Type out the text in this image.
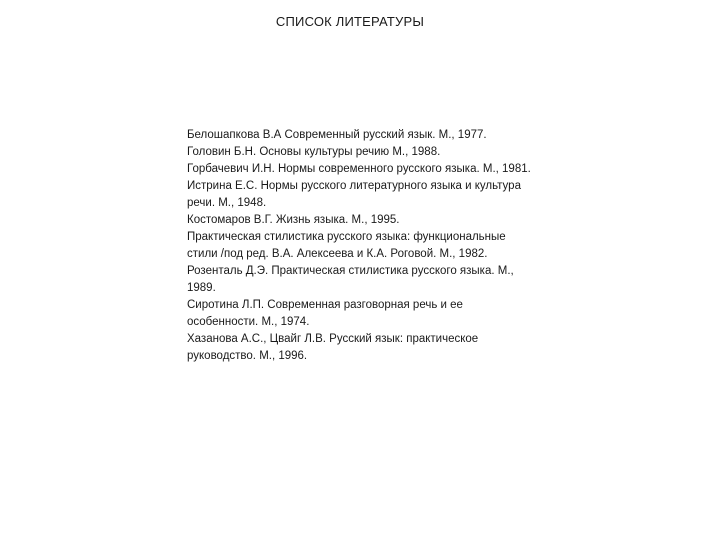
СПИСОК ЛИТЕРАТУРЫ
Белошапкова В.А Современный русский язык. М., 1977.
Головин Б.Н. Основы культуры речию М., 1988.
Горбачевич И.Н. Нормы современного русского языка. М., 1981.
Истрина Е.С. Нормы русского литературного языка и культура речи. М., 1948.
Костомаров В.Г. Жизнь языка. М., 1995.
Практическая стилистика русского языка: функциональные стили /под ред. В.А. Алексеева и К.А. Роговой. М., 1982.
Розенталь Д.Э. Практическая стилистика русского языка. М., 1989.
Сиротина Л.П. Современная разговорная речь и ее особенности. М., 1974.
Хазанова А.С., Цвайг Л.В. Русский язык: практическое руководство. М., 1996.
